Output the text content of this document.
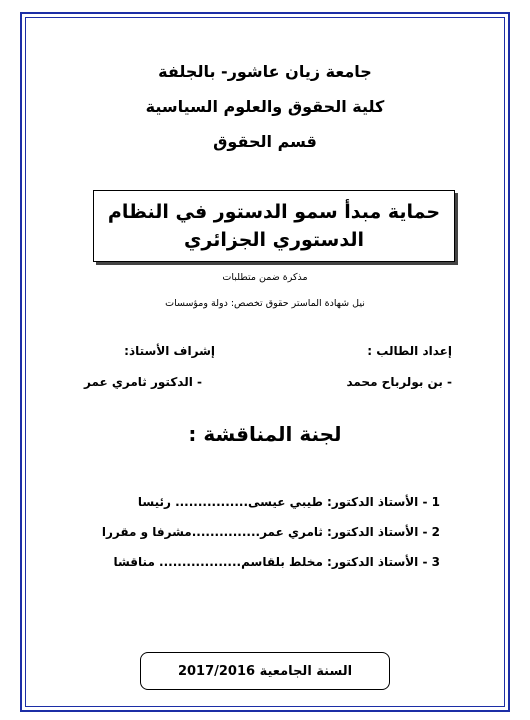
جامعة زيان عاشور- بالجلفة
كلية الحقوق والعلوم السياسية
قسم الحقوق
حماية مبدأ سمو الدستور في النظام
الدستوري الجزائري
مذكرة ضمن متطلبات
نيل شهادة الماستر حقوق تخصص: دولة ومؤسسات
إعداد الطالب :
- بن بولرباح محمد
إشراف الأستاذ:
- الدكتور ثامري عمر
لجنة المناقشة :
1 - الأستاذ الدكتور: طيبي عيسى................ رئيسا
2 - الأستاذ الدكتور: ثامري عمر...............مشرفا و مقررا
3 - الأستاذ الدكتور: مخلط بلقاسم.................. مناقشا
السنة الجامعية 2017/2016
